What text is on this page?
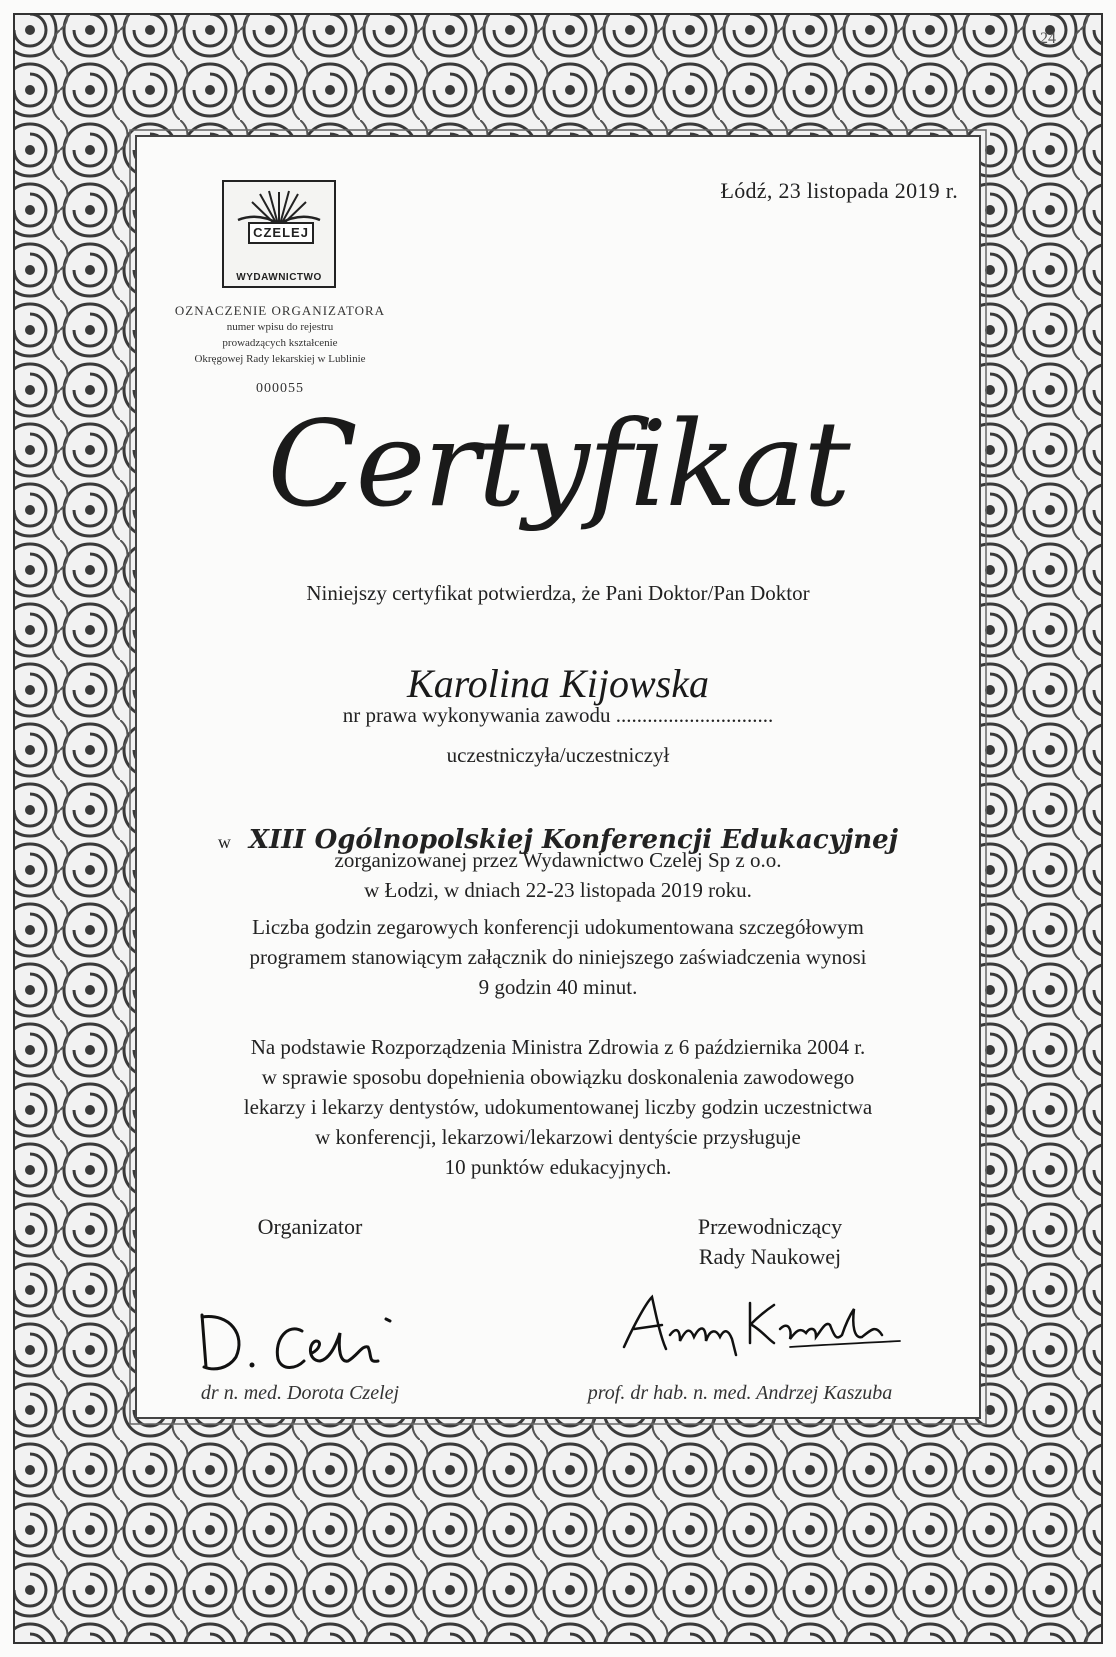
24
CZELEJ
WYDAWNICTWO
Łódź, 23 listopada 2019 r.
OZNACZENIE ORGANIZATORA
numer wpisu do rejestru
prowadzących kształcenie
Okręgowej Rady lekarskiej w Lublinie
000055
Certyfikat
Niniejszy certyfikat potwierdza, że Pani Doktor/Pan Doktor
Karolina Kijowska
nr prawa wykonywania zawodu ..............................
uczestniczyła/uczestniczył
w XIII Ogólnopolskiej Konferencji Edukacyjnej
zorganizowanej przez Wydawnictwo Czelej Sp z o.o.
w Łodzi, w dniach 22-23 listopada 2019 roku.
Liczba godzin zegarowych konferencji udokumentowana szczegółowym
programem stanowiącym załącznik do niniejszego zaświadczenia wynosi
9 godzin 40 minut.
Na podstawie Rozporządzenia Ministra Zdrowia z 6 października 2004 r.
w sprawie sposobu dopełnienia obowiązku doskonalenia zawodowego
lekarzy i lekarzy dentystów, udokumentowanej liczby godzin uczestnictwa
w konferencji, lekarzowi/lekarzowi dentyście przysługuje
10 punktów edukacyjnych.
Organizator	Przewodniczący
Rady Naukowej
dr n. med. Dorota Czelej	prof. dr hab. n. med. Andrzej Kaszuba
